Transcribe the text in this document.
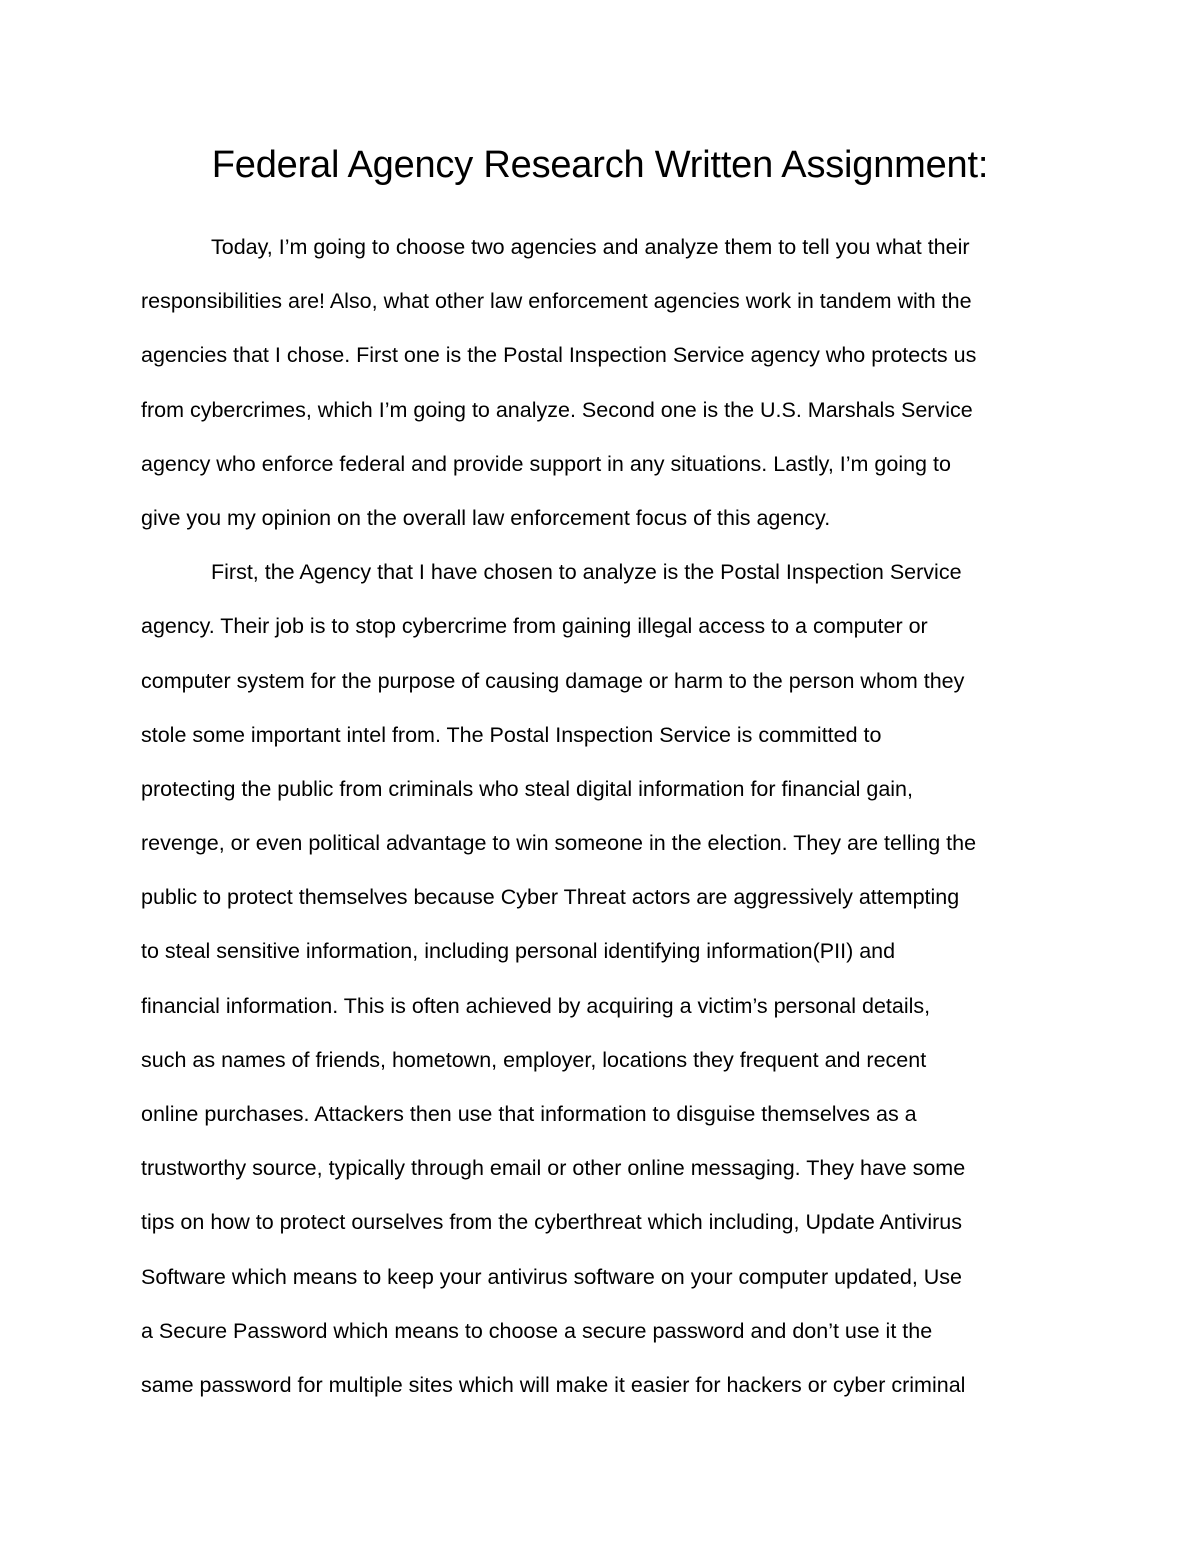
Federal Agency Research Written Assignment:
Today, I’m going to choose two agencies and analyze them to tell you what their
responsibilities are! Also, what other law enforcement agencies work in tandem with the
agencies that I chose. First one is the Postal Inspection Service agency who protects us
from cybercrimes, which I’m going to analyze. Second one is the U.S. Marshals Service
agency who enforce federal and provide support in any situations. Lastly, I’m going to
give you my opinion on the overall law enforcement focus of this agency.
First, the Agency that I have chosen to analyze is the Postal Inspection Service
agency. Their job is to stop cybercrime from gaining illegal access to a computer or
computer system for the purpose of causing damage or harm to the person whom they
stole some important intel from. The Postal Inspection Service is committed to
protecting the public from criminals who steal digital information for financial gain,
revenge, or even political advantage to win someone in the election. They are telling the
public to protect themselves because Cyber Threat actors are aggressively attempting
to steal sensitive information, including personal identifying information(PII) and
financial information. This is often achieved by acquiring a victim’s personal details,
such as names of friends, hometown, employer, locations they frequent and recent
online purchases. Attackers then use that information to disguise themselves as a
trustworthy source, typically through email or other online messaging. They have some
tips on how to protect ourselves from the cyberthreat which including, Update Antivirus
Software which means to keep your antivirus software on your computer updated, Use
a Secure Password which means to choose a secure password and don’t use it the
same password for multiple sites which will make it easier for hackers or cyber criminal
